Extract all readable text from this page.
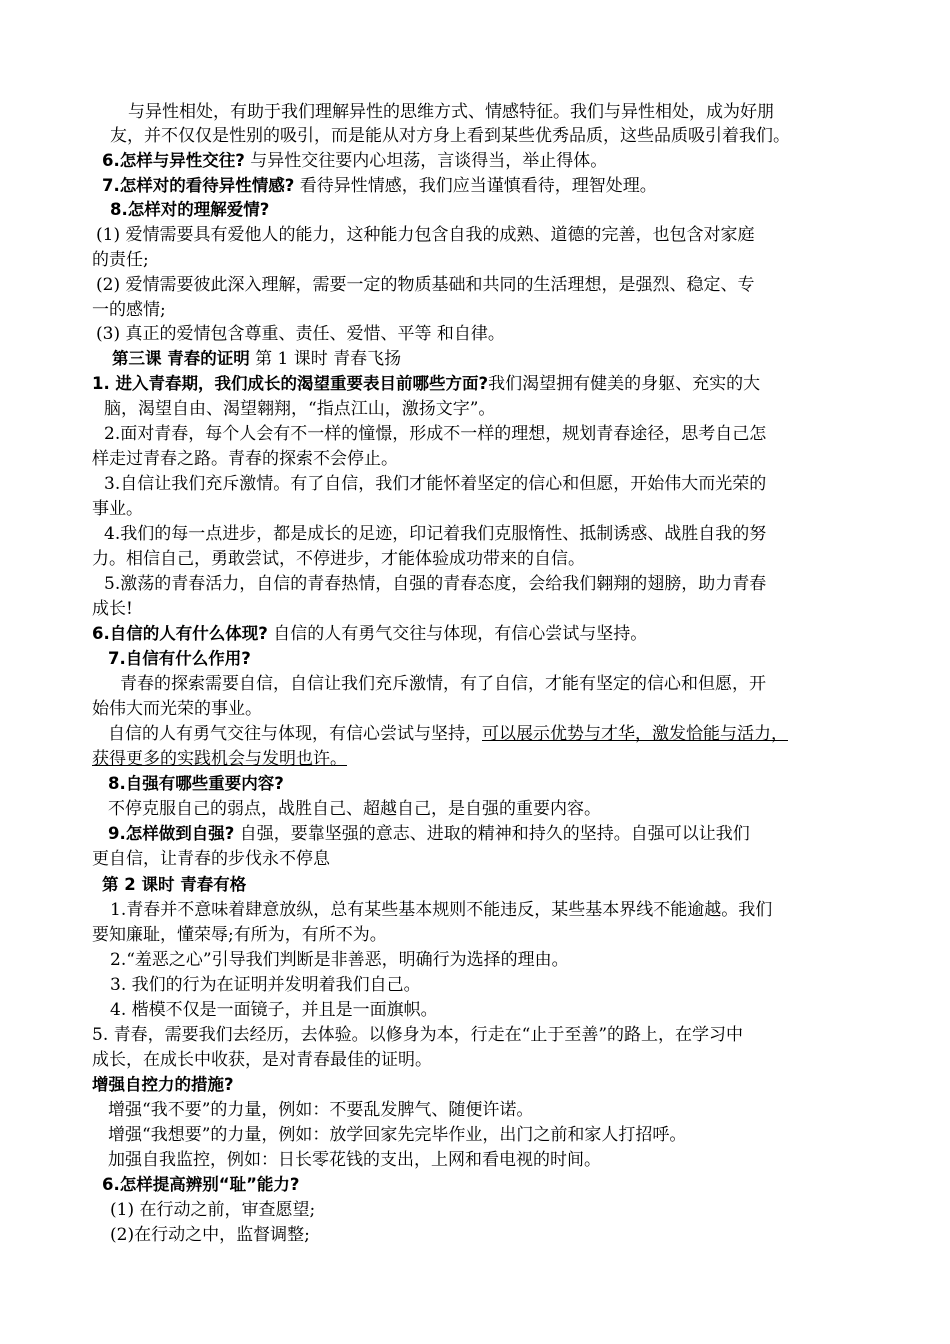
与异性相处，有助于我们理解异性的思维方式、情感特征。我们与异性相处，成为好朋
友，并不仅仅是性别的吸引，而是能从对方身上看到某些优秀品质，这些品质吸引着我们。
6.怎样与异性交往? 与异性交往要内心坦荡，言谈得当，举止得体。
7.怎样对的看待异性情感? 看待异性情感，我们应当谨慎看待，理智处理。
8.怎样对的理解爱情?
(1) 爱情需要具有爱他人的能力，这种能力包含自我的成熟、道德的完善，也包含对家庭
的责任;
(2) 爱情需要彼此深入理解，需要一定的物质基础和共同的生活理想，是强烈、稳定、专
一的感情;
(3) 真正的爱情包含尊重、责任、爱惜、平等 和自律。
第三课 青春的证明 第 1 课时 青春飞扬
1. 进入青春期，我们成长的渴望重要表目前哪些方面?我们渴望拥有健美的身躯、充实的大
脑，渴望自由、渴望翱翔，“指点江山，激扬文字”。
2.面对青春，每个人会有不一样的憧憬，形成不一样的理想，规划青春途径，思考自己怎
样走过青春之路。青春的探索不会停止。
3.自信让我们充斥激情。有了自信，我们才能怀着坚定的信心和但愿，开始伟大而光荣的
事业。
4.我们的每一点进步，都是成长的足迹，印记着我们克服惰性、抵制诱惑、战胜自我的努
力。相信自己，勇敢尝试，不停进步，才能体验成功带来的自信。
5.激荡的青春活力，自信的青春热情，自强的青春态度，会给我们翱翔的翅膀，助力青春
成长!
6.自信的人有什么体现? 自信的人有勇气交往与体现，有信心尝试与坚持。
7.自信有什么作用?
青春的探索需要自信，自信让我们充斥激情，有了自信，才能有坚定的信心和但愿，开
始伟大而光荣的事业。
自信的人有勇气交往与体现，有信心尝试与坚持，可以展示优势与才华，激发恰能与活力，
获得更多的实践机会与发明也许。
8.自强有哪些重要内容?
不停克服自己的弱点，战胜自己、超越自己，是自强的重要内容。
9.怎样做到自强? 自强，要靠坚强的意志、进取的精神和持久的坚持。自强可以让我们
更自信，让青春的步伐永不停息
第 2 课时 青春有格
1.青春并不意味着肆意放纵，总有某些基本规则不能违反，某些基本界线不能逾越。我们
要知廉耻，懂荣辱;有所为，有所不为。
2.“羞恶之心”引导我们判断是非善恶，明确行为选择的理由。
3. 我们的行为在证明并发明着我们自己。
4. 楷模不仅是一面镜子，并且是一面旗帜。
5. 青春，需要我们去经历，去体验。以修身为本，行走在“止于至善”的路上，在学习中
成长，在成长中收获，是对青春最佳的证明。
增强自控力的措施?
增强“我不要”的力量，例如：不要乱发脾气、随便许诺。
增强“我想要”的力量，例如：放学回家先完毕作业，出门之前和家人打招呼。
加强自我监控，例如：日长零花钱的支出，上网和看电视的时间。
6.怎样提高辨别“耻”能力?
(1) 在行动之前，审查愿望;
(2)在行动之中，监督调整;
